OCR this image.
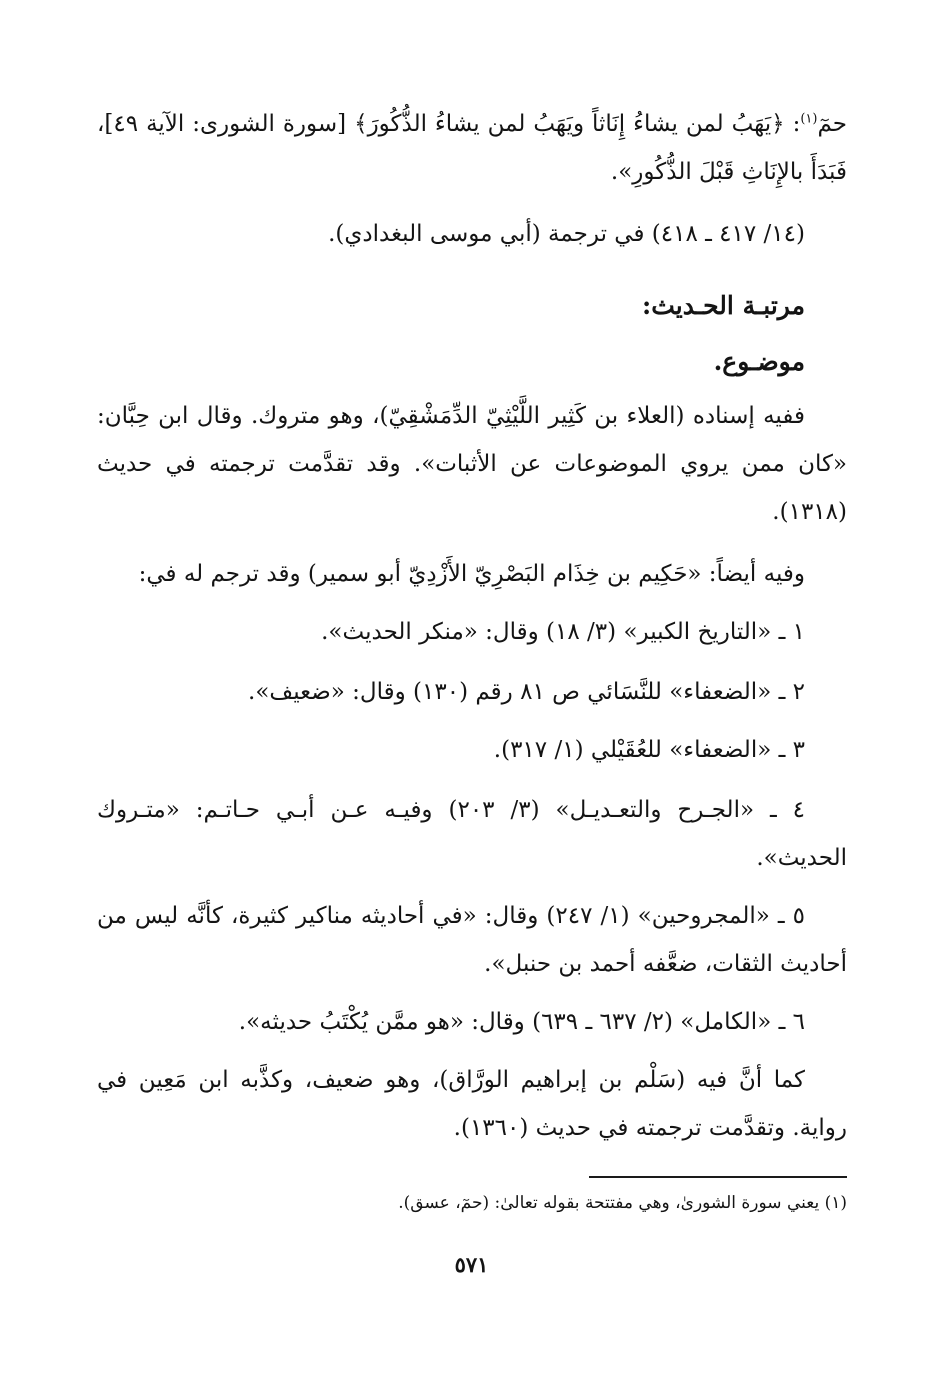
حمٓ$^{(١)}$: ﴿يَهَبُ لمن يشاءُ إِنَاثاً ويَهَبُ لمن يشاءُ الذُّكُورَ﴾ [سورة الشورى: الآية ٤٩]، فَبَدَأَ بالإِنَاثِ قَبْلَ الذُّكُورِ».
(١٤/ ٤١٧ ـ ٤١٨) في ترجمة (أبي موسى البغدادي).
مرتبـة الحـديث:
موضـوع.
ففيه إسناده (العلاء بن كَثِير اللَّيْثِيّ الدِّمَشْقِيّ)، وهو متروك. وقال ابن حِبَّان: «كان ممن يروي الموضوعات عن الأثبات». وقد تقدَّمت ترجمته في حديث (١٣١٨).
وفيه أيضاً: «حَكِيم بن خِذَام البَصْرِيّ الأَزْدِيّ أبو سمير) وقد ترجم له في:
١ ـ «التاريخ الكبير» (٣/ ١٨) وقال: «منكر الحديث».
٢ ـ «الضعفاء» للنَّسَائي ص ٨١ رقم (١٣٠) وقال: «ضعيف».
٣ ـ «الضعفاء» للعُقَيْلي (١/ ٣١٧).
٤ ـ «الجـرح والتعـديـل» (٣/ ٢٠٣) وفيـه عـن أبـي حـاتـم: «متـروك الحديث».
٥ ـ «المجروحين» (١/ ٢٤٧) وقال: «في أحاديثه مناكير كثيرة، كأنَّه ليس من أحاديث الثقات، ضعَّفه أحمد بن حنبل».
٦ ـ «الكامل» (٢/ ٦٣٧ ـ ٦٣٩) وقال: «هو ممَّن يُكْتَبُ حديثه».
كما أنَّ فيه (سَلْم بن إبراهيم الورَّاق)، وهو ضعيف، وكذَّبه ابن مَعِين في رواية. وتقدَّمت ترجمته في حديث (١٣٦٠).
(١) يعني سورة الشورىٰ، وهي مفتتحة بقوله تعالىٰ: (حمٓ، عسق).
٥٧١
